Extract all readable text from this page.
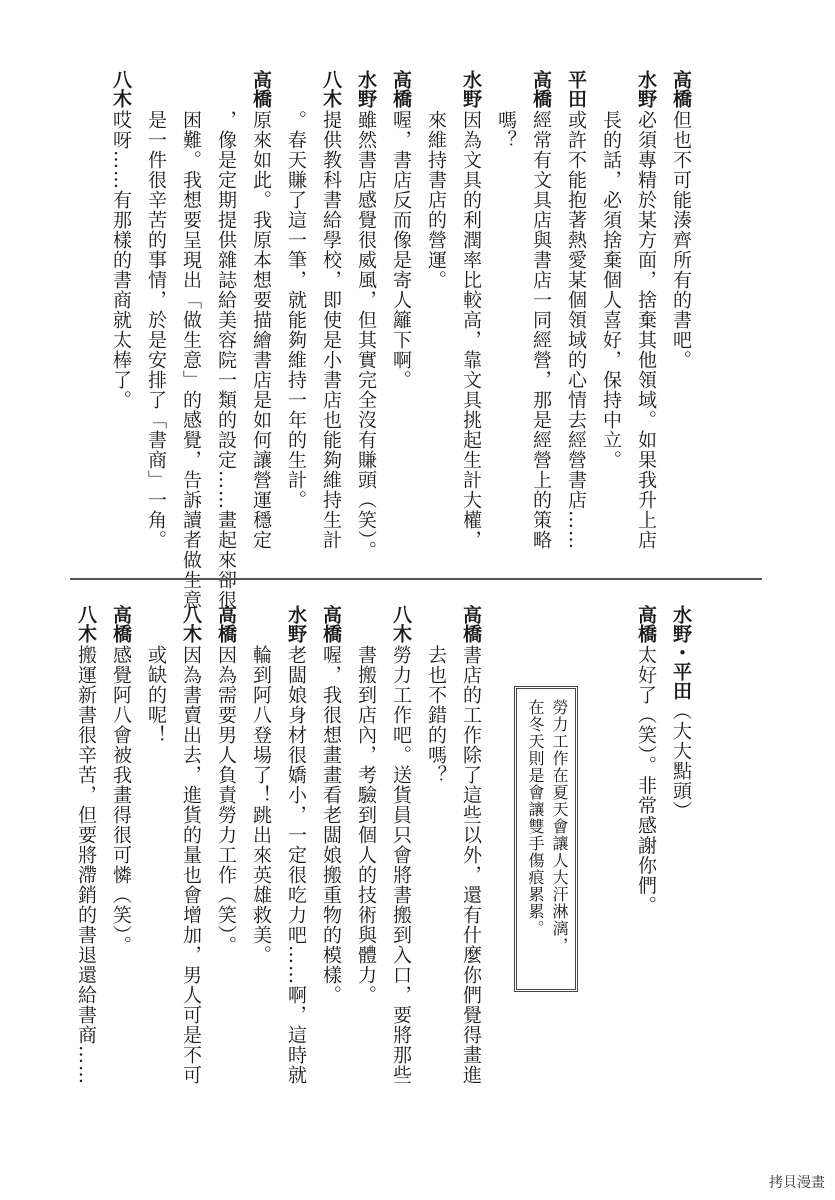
高橋但也不可能湊齊所有的書吧。
水野必須專精於某方面，捨棄其他領域。如果我升上店
長的話，必須捨棄個人喜好，保持中立。
平田或許不能抱著熱愛某個領域的心情去經營書店……
高橋經常有文具店與書店一同經營，那是經營上的策略
嗎？
水野因為文具的利潤率比較高，靠文具挑起生計大權，
來維持書店的營運。
高橋喔，書店反而像是寄人籬下啊。
水野雖然書店感覺很威風，但其實完全沒有賺頭（笑）。
八木提供教科書給學校，即使是小書店也能夠維持生計
。春天賺了這一筆，就能夠維持一年的生計。
高橋原來如此。我原本想要描繪書店是如何讓營運穩定
，像是定期提供雜誌給美容院一類的設定……畫起來卻很
困難。我想要呈現出「做生意」的感覺，告訴讀者做生意
是一件很辛苦的事情，於是安排了「書商」一角。
八木哎呀……有那樣的書商就太棒了。
水野・平田（大大點頭）
高橋太好了（笑）。非常感謝你們。
高橋書店的工作除了這些以外，還有什麼你們覺得畫進
去也不錯的嗎？
八木勞力工作吧。送貨員只會將書搬到入口，要將那些
書搬到店內，考驗到個人的技術與體力。
高橋喔，我很想畫畫看老闆娘搬重物的模樣。
水野老闆娘身材很嬌小，一定很吃力吧……啊，這時就
輪到阿八登場了！跳出來英雄救美。
高橋因為需要男人負責勞力工作（笑）。
八木因為書賣出去，進貨的量也會增加，男人可是不可
或缺的呢！
高橋感覺阿八會被我畫得很可憐（笑）。
八木搬運新書很辛苦，但要將滯銷的書退還給書商……	勞力工作在夏天會讓人大汗淋漓，
在冬天則是會讓雙手傷痕累累。
拷貝漫畫
